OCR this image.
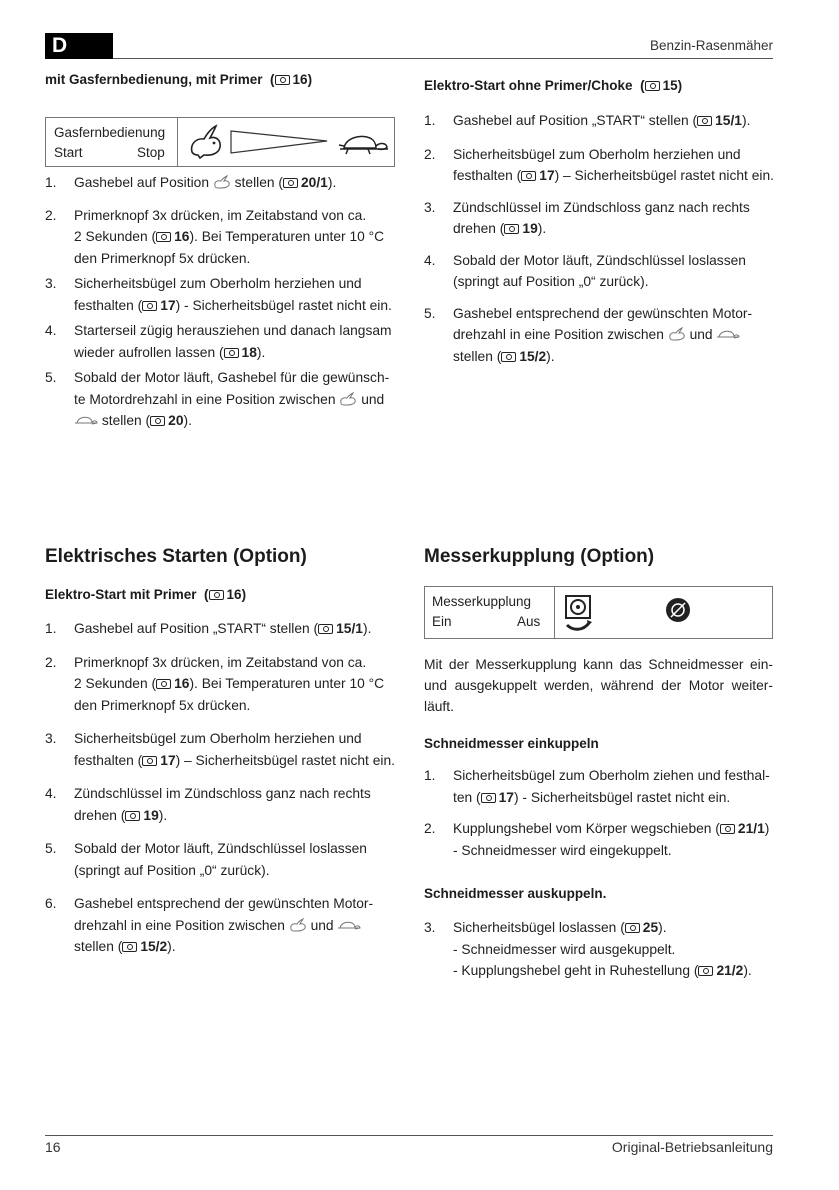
D	Benzin-Rasenmäher
mit Gasfernbedienung, mit Primer  ( 16)
Gasfernbedienung
Start	Stop
1. Gashebel auf Position  stellen ( 20/1).
2. Primerknopf 3x drücken, im Zeitabstand von ca.
2 Sekunden ( 16). Bei Temperaturen unter 10 °C
den Primerknopf 5x drücken.
3. Sicherheitsbügel zum Oberholm herziehen und
festhalten ( 17) - Sicherheitsbügel rastet nicht ein.
4. Starterseil zügig herausziehen und danach langsam
wieder aufrollen lassen ( 18).
5. Sobald der Motor läuft, Gashebel für die gewünsch-
te Motordrehzahl in eine Position zwischen  und
stellen ( 20).
Elektro-Start ohne Primer/Choke  ( 15)
1. Gashebel auf Position „START“ stellen ( 15/1).
2. Sicherheitsbügel zum Oberholm herziehen und
festhalten ( 17) – Sicherheitsbügel rastet nicht ein.
3. Zündschlüssel im Zündschloss ganz nach rechts
drehen ( 19).
4. Sobald der Motor läuft, Zündschlüssel loslassen
(springt auf Position „0“ zurück).
5. Gashebel entsprechend der gewünschten Motor-
drehzahl in eine Position zwischen  und
stellen ( 15/2).
Elektrisches Starten (Option)
Elektro-Start mit Primer  ( 16)
1. Gashebel auf Position „START“ stellen ( 15/1).
2. Primerknopf 3x drücken, im Zeitabstand von ca.
2 Sekunden ( 16). Bei Temperaturen unter 10 °C
den Primerknopf 5x drücken.
3. Sicherheitsbügel zum Oberholm herziehen und
festhalten ( 17) – Sicherheitsbügel rastet nicht ein.
4. Zündschlüssel im Zündschloss ganz nach rechts
drehen ( 19).
5. Sobald der Motor läuft, Zündschlüssel loslassen
(springt auf Position „0“ zurück).
6. Gashebel entsprechend der gewünschten Motor-
drehzahl in eine Position zwischen  und
stellen ( 15/2).
Messerkupplung (Option)
Messerkupplung
Ein	Aus
Mit der Messerkupplung kann das Schneidmesser ein- und ausgekuppelt werden, während der Motor weiter- läuft.
Schneidmesser einkuppeln
1. Sicherheitsbügel zum Oberholm ziehen und festhal-
ten ( 17) - Sicherheitsbügel rastet nicht ein.
2. Kupplungshebel vom Körper wegschieben ( 21/1)
- Schneidmesser wird eingekuppelt.
Schneidmesser auskuppeln.
3. Sicherheitsbügel loslassen ( 25).
- Schneidmesser wird ausgekuppelt.
- Kupplungshebel geht in Ruhestellung ( 21/2).
16	Original-Betriebsanleitung
